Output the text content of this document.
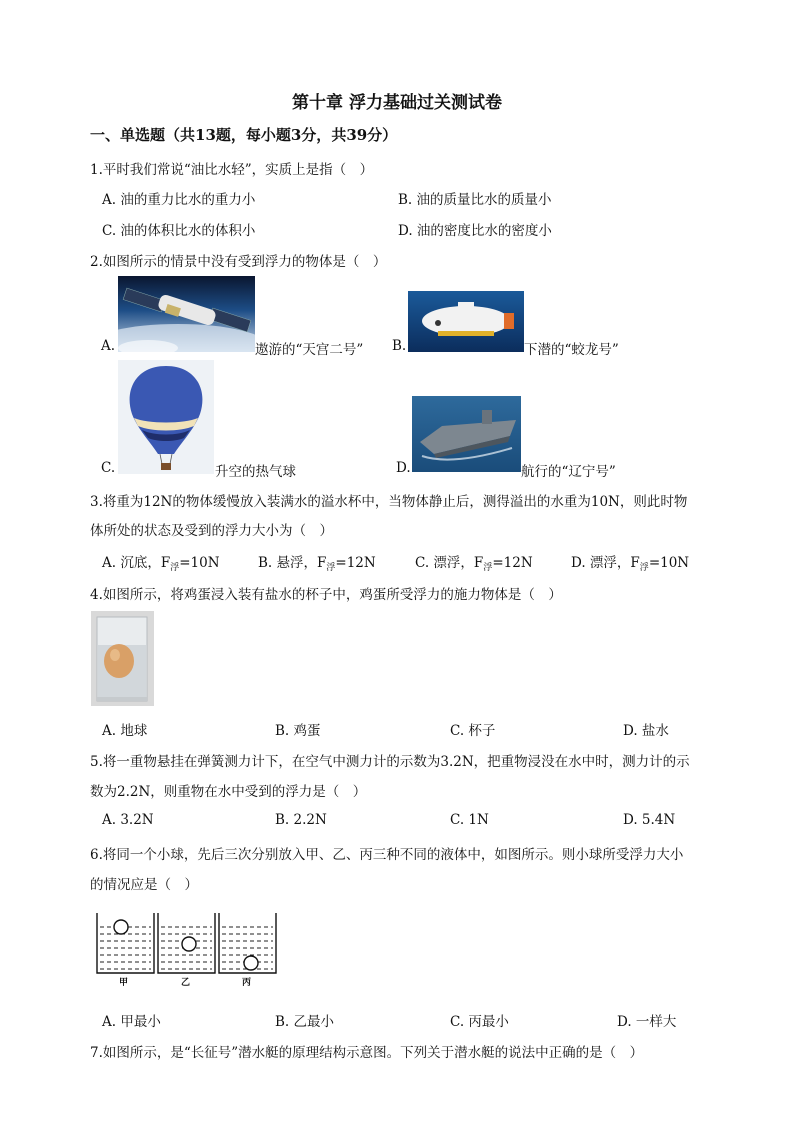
第十章 浮力基础过关测试卷
一、单选题（共13题，每小题3分，共39分）
1.平时我们常说“油比水轻”，实质上是指（　）
A. 油的重力比水的重力小	B. 油的质量比水的质量小
C. 油的体积比水的体积小	D. 油的密度比水的密度小
2.如图所示的情景中没有受到浮力的物体是（　）
A.	遨游的“天宫二号” B.	下潜的“蛟龙号”
C.	升空的热气球	D.	航行的“辽宁号”
3.将重为12N的物体缓慢放入装满水的溢水杯中，当物体静止后，测得溢出的水重为10N，则此时物
体所处的状态及受到的浮力大小为（　）
A. 沉底，$F_浮=10N$	B. 悬浮，$F_浮=12N$	C. 漂浮，$F_浮=12N$	D. 漂浮，$F_浮=10N$
4.如图所示，将鸡蛋浸入装有盐水的杯子中，鸡蛋所受浮力的施力物体是（　）
A. 地球	B. 鸡蛋	C. 杯子	D. 盐水
5.将一重物悬挂在弹簧测力计下，在空气中测力计的示数为3.2N，把重物浸没在水中时，测力计的示
数为2.2N，则重物在水中受到的浮力是（　）
A. 3.2N	B. 2.2N	C. 1N	D. 5.4N
6.将同一个小球，先后三次分别放入甲、乙、丙三种不同的液体中，如图所示。则小球所受浮力大小
的情况应是（　）
甲	乙	丙
A. 甲最小	B. 乙最小	C. 丙最小	D. 一样大
7.如图所示，是“长征号”潜水艇的原理结构示意图。下列关于潜水艇的说法中正确的是（　）
